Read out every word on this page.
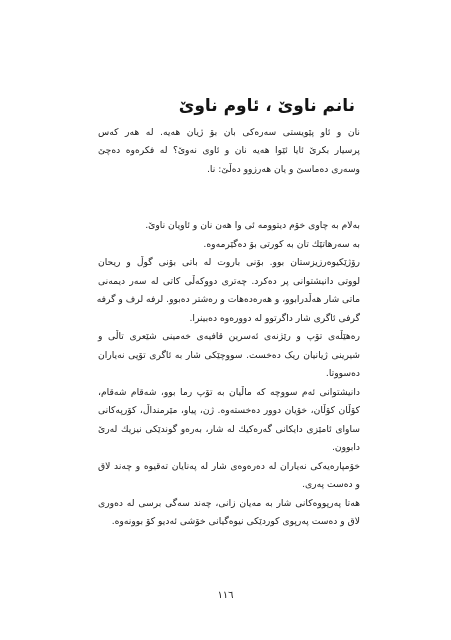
نانم ناوێ ، ئاوم ناوێ
نان و ئاو پێویستی سەرەکی بان بۆ ژیان هەیە. لە هەر کەس
پرسیار بکرێ ئایا ئێوا هەیە نان و ئاوی نەوێ؟ لە فکرەوە دەچێ
وسەری دەماسێ و یان هەرزوو دەڵێ: نا.
بەلام بە چاوی خۆم دیتوومە ئی وا هەن نان و ئاویان ناوێ.
بە سەرهاتێك تان بە کورتی بۆ دەگێرمەوە.
رۆژێکیوەرزیزستان بوو. بۆنی باروت لە باتی بۆنی گوڵ و ریحان
لووتی دانیشتوانی پر دەکرد. چەتری دووکەڵی کاتی لە سەر دیمەنی
ماتی شار هەڵدرابوو، و هەرەدەهات و رەشتر دەبوو. لرفە لرف و گرفە
گرفی ئاگری شار داگرتوو لە دوورەوە دەبینرا.
رەهێڵەی تۆپ و رێژنەی ئەسرین قافیەی خەمینی شێعری تاڵی و
شیرینی ژیانیان ریک دەخست. سووچێکی شار بە ئاگری تۆپی نەیاران
دەسووتا.
دانیشتوانی ئەم سووچە کە ماڵیان بە تۆپ رما بوو، شەقام شەقام،
کۆڵان کۆڵان، خۆیان دوور دەخستەوە. ژن، پیاو، مێرمنداڵ، کۆرپەکانی
ساوای ئامێزی دایکانی گەرەکیك لە شار، بەرەو گوندێکی نیزیك لەرێ
دابوون.
خۆمپارەیەکی نەیاران لە دەرەوەی شار لە پەنایان تەقیوە و چەند لاق
و دەست پەری.
هەتا پەرپووەکانی شار بە مەیان زانی، چەند سەگی برسی لە دەوری
لاق و دەست پەرپوی کوردێکی نیوەگیانی خۆشی ئەدیو کۆ بوونەوە.
١١٦
